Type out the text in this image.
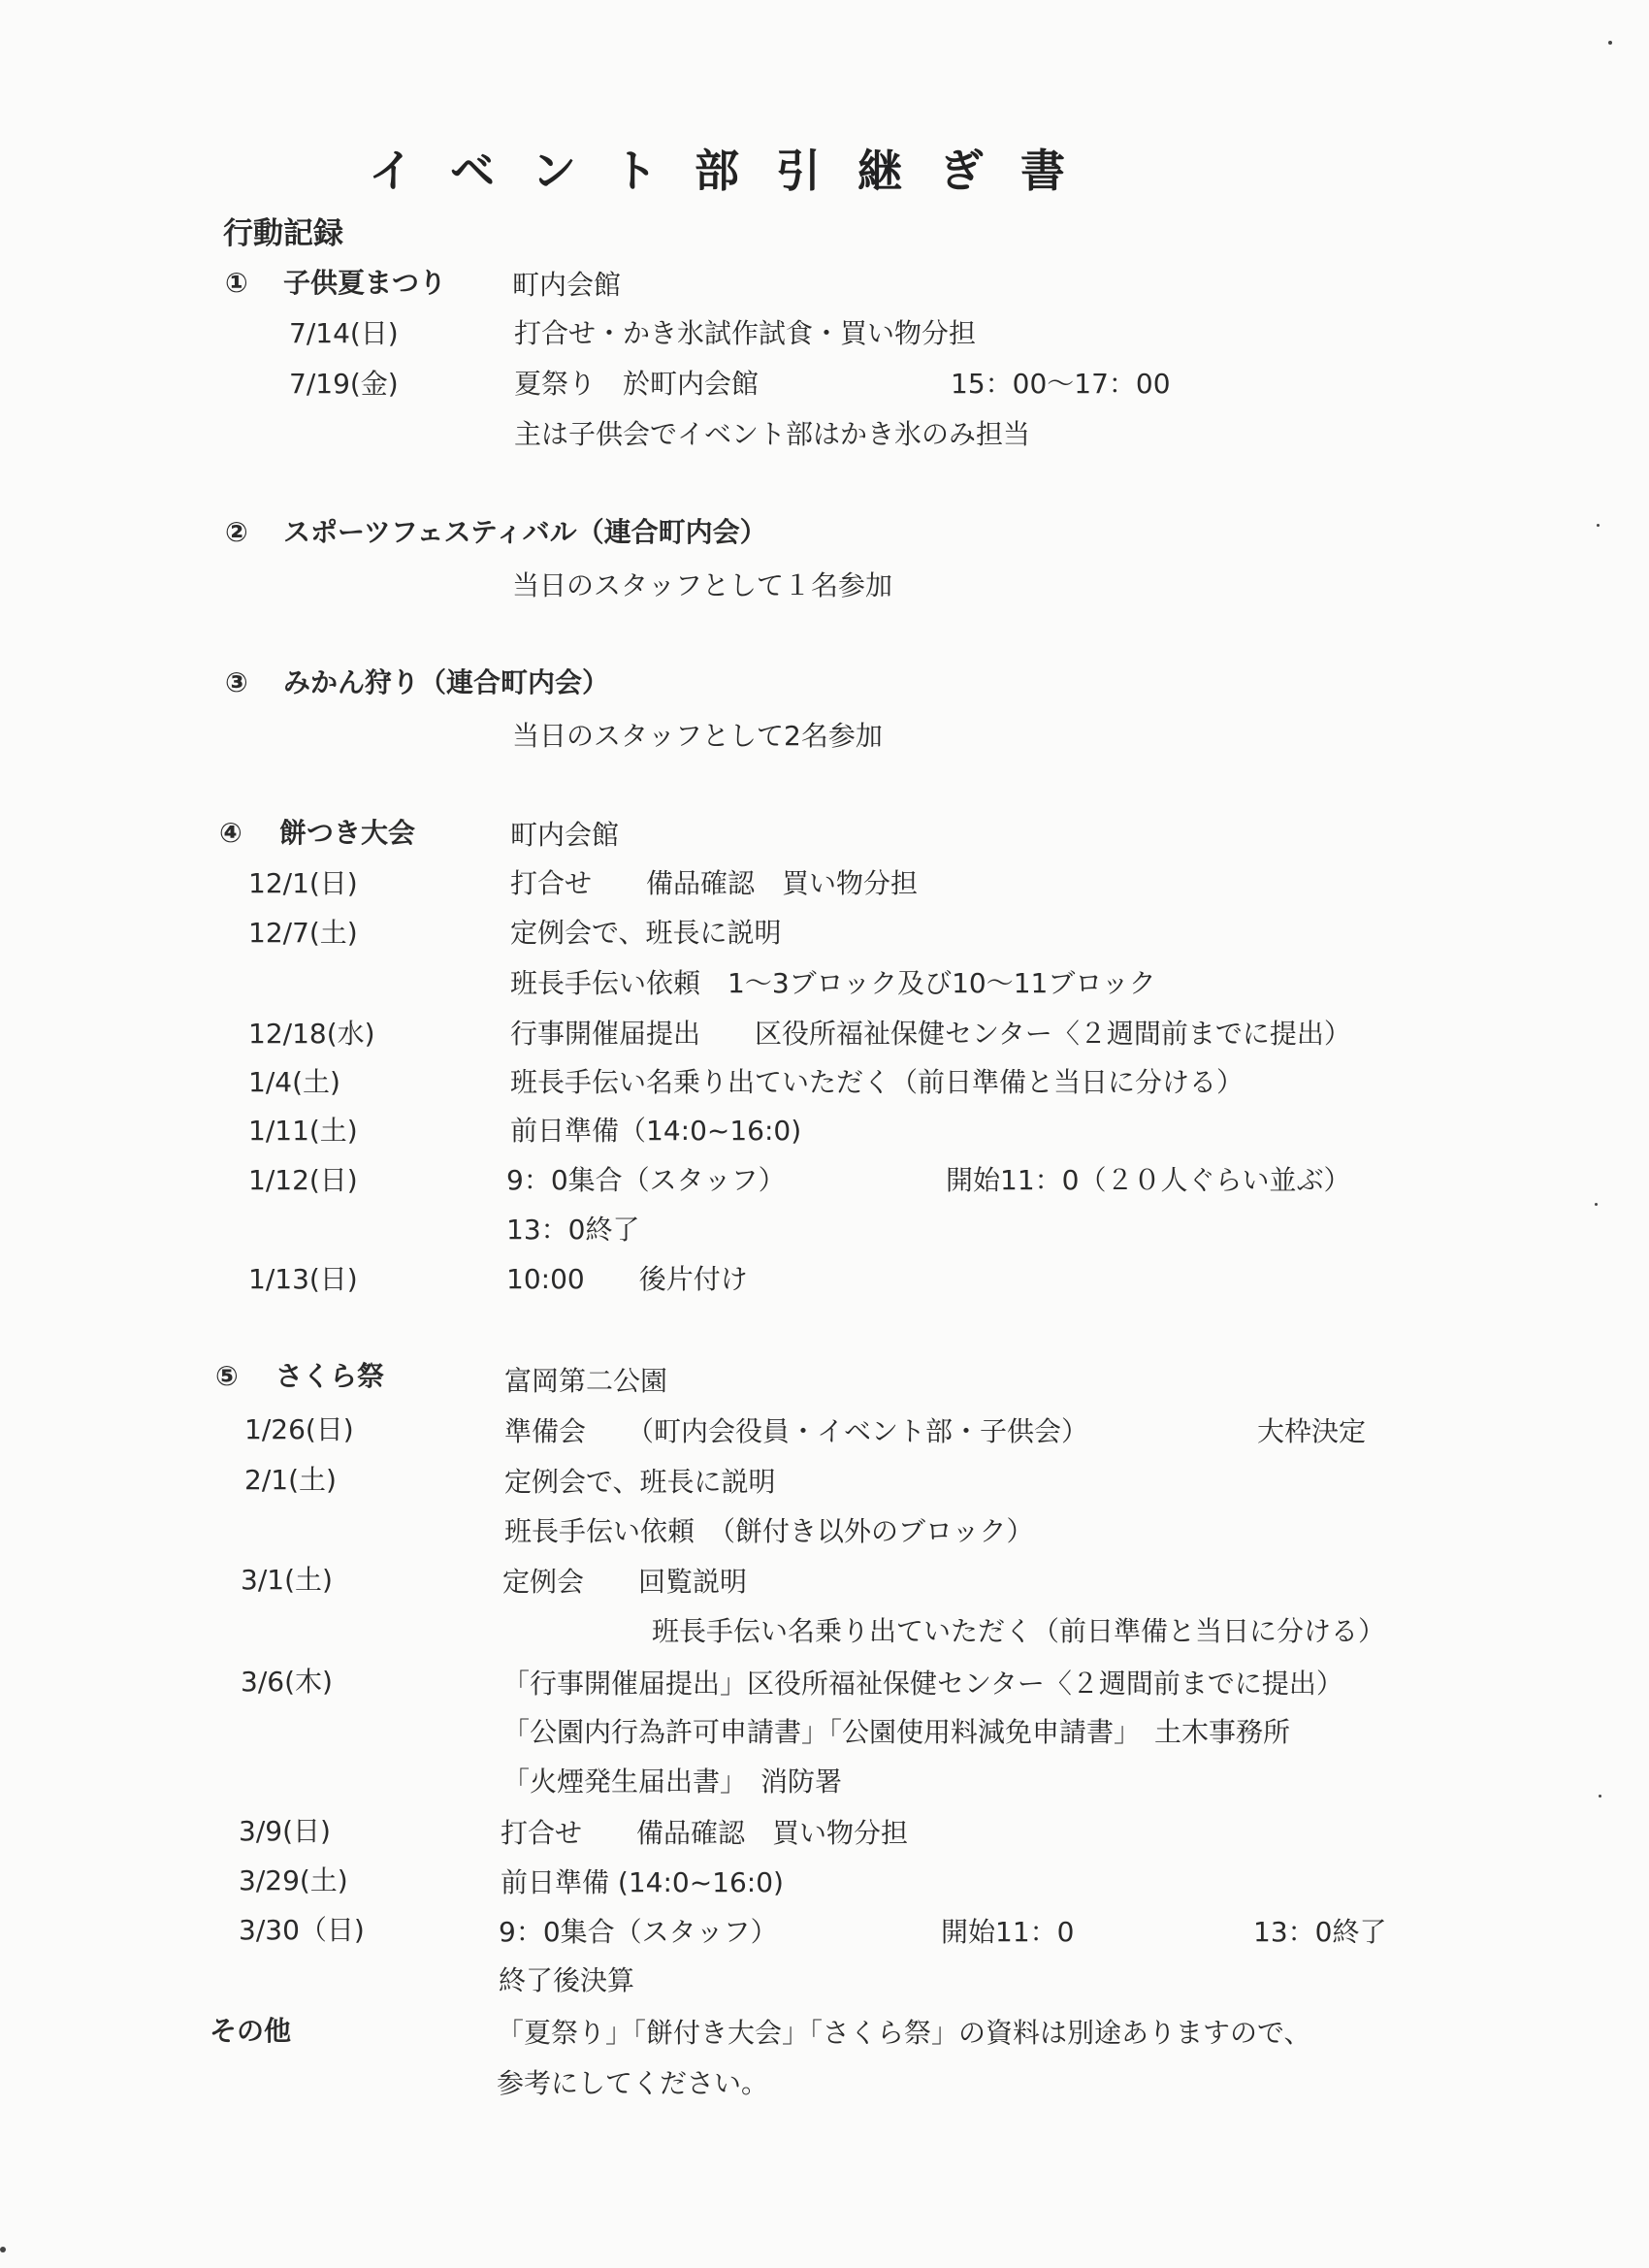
イベント部引継ぎ書
行動記録
① 子供夏まつり 町内会館
7/14(日)	打合せ・かき氷試作試食・買い物分担
7/19(金)	夏祭り　於町内会館	15：00〜17：00
主は子供会でイベント部はかき氷のみ担当
② スポーツフェスティバル（連合町内会）
当日のスタッフとして１名参加
③ みかん狩り（連合町内会）
当日のスタッフとして2名参加
④ 餅つき大会	町内会館
12/1(日)	打合せ　　備品確認　買い物分担
12/7(土)	定例会で、班長に説明
班長手伝い依頼　1〜3ブロック及び10〜11ブロック
12/18(水)	行事開催届提出　　区役所福祉保健センター〈２週間前までに提出）
1/4(土)	班長手伝い名乗り出ていただく（前日準備と当日に分ける）
1/11(土)	前日準備（14:0~16:0)
1/12(日)	9：0集合（スタッフ）	開始11：0（２０人ぐらい並ぶ）
13：0終了
1/13(日)	10:00　　後片付け
⑤ さくら祭	富岡第二公園
1/26(日)	準備会　　（町内会役員・イベント部・子供会）	大枠決定
2/1(土)	定例会で、班長に説明
班長手伝い依頼　（餅付き以外のブロック）
3/1(土)	定例会　　回覧説明
班長手伝い名乗り出ていただく（前日準備と当日に分ける）
3/6(木)	「行事開催届提出」区役所福祉保健センター〈２週間前までに提出）
「公園内行為許可申請書」「公園使用料減免申請書」　土木事務所
「火煙発生届出書」　消防署
3/9(日)	打合せ　　備品確認　買い物分担
3/29(土)	前日準備 (14:0~16:0)
3/30（日)	9：0集合（スタッフ）	開始11：0	13：0終了
終了後決算
その他	「夏祭り」「餅付き大会」「さくら祭」の資料は別途ありますので、
参考にしてください。
